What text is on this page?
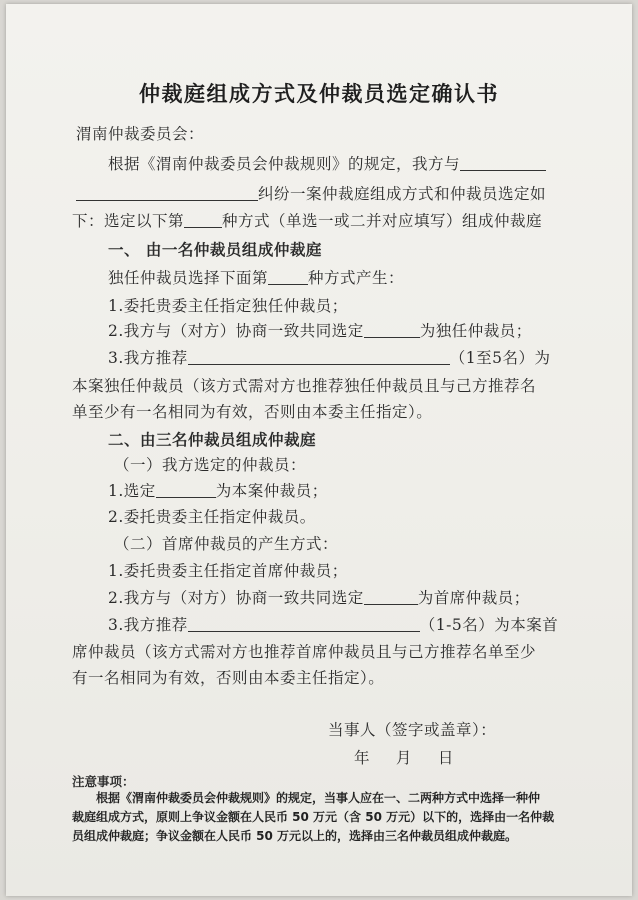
仲裁庭组成方式及仲裁员选定确认书
渭南仲裁委员会：
根据《渭南仲裁委员会仲裁规则》的规定，我方与
纠纷一案仲裁庭组成方式和仲裁员选定如
下：选定以下第 种方式（单选一或二并对应填写）组成仲裁庭
一、 由一名仲裁员组成仲裁庭
独任仲裁员选择下面第	种方式产生：
1.委托贵委主任指定独任仲裁员；
2.我方与（对方）协商一致共同选定	为独任仲裁员；
3.我方推荐	（1至5名）为
本案独任仲裁员（该方式需对方也推荐独任仲裁员且与己方推荐名
单至少有一名相同为有效，否则由本委主任指定）。
二、由三名仲裁员组成仲裁庭
（一）我方选定的仲裁员：
1.选定	为本案仲裁员；
2.委托贵委主任指定仲裁员。
（二）首席仲裁员的产生方式：
1.委托贵委主任指定首席仲裁员；
2.我方与（对方）协商一致共同选定	为首席仲裁员；
3.我方推荐	（1-5名）为本案首
席仲裁员（该方式需对方也推荐首席仲裁员且与己方推荐名单至少
有一名相同为有效，否则由本委主任指定）。
当事人（签字或盖章）：
年　 月　 日
注意事项：

根据《渭南仲裁委员会仲裁规则》的规定，当事人应在一、二两种方式中选择一种仲

裁庭组成方式，原则上争议金额在人民币 50 万元（含 50 万元）以下的，选择由一名仲裁

员组成仲裁庭；争议金额在人民币 50 万元以上的，选择由三名仲裁员组成仲裁庭。
